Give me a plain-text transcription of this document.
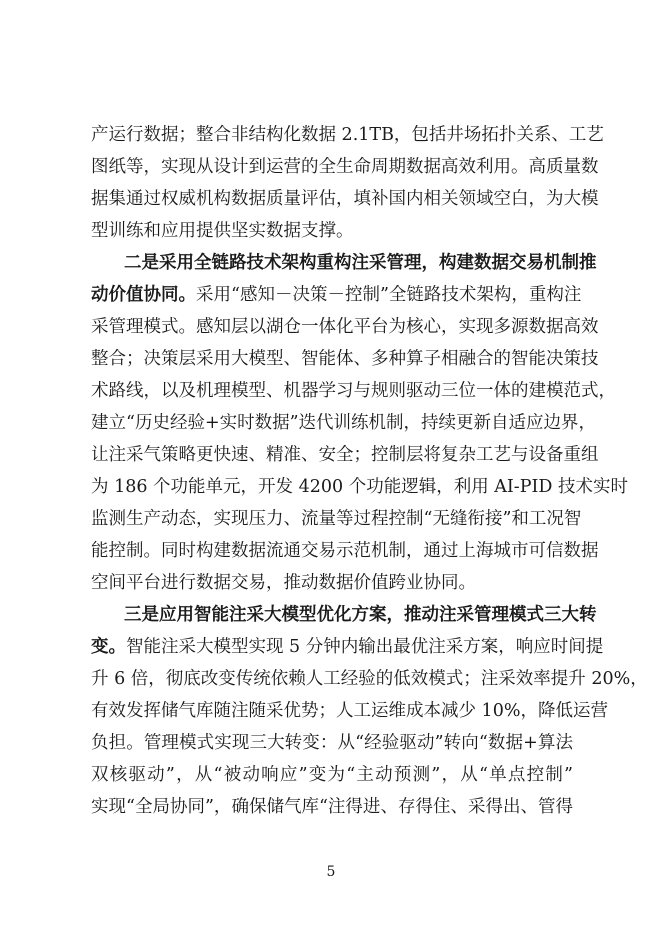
产运行数据；整合非结构化数据 2.1TB，包括井场拓扑关系、工艺
图纸等，实现从设计到运营的全生命周期数据高效利用。高质量数
据集通过权威机构数据质量评估，填补国内相关领域空白，为大模
型训练和应用提供坚实数据支撑。
二是采用全链路技术架构重构注采管理，构建数据交易机制推
动价值协同。采用“感知－决策－控制”全链路技术架构，重构注
采管理模式。感知层以湖仓一体化平台为核心，实现多源数据高效
整合；决策层采用大模型、智能体、多种算子相融合的智能决策技
术路线，以及机理模型、机器学习与规则驱动三位一体的建模范式，
建立“历史经验+实时数据”迭代训练机制，持续更新自适应边界，
让注采气策略更快速、精准、安全；控制层将复杂工艺与设备重组
为 186 个功能单元，开发 4200 个功能逻辑，利用 AI-PID 技术实时
监测生产动态，实现压力、流量等过程控制“无缝衔接”和工况智
能控制。同时构建数据流通交易示范机制，通过上海城市可信数据
空间平台进行数据交易，推动数据价值跨业协同。
三是应用智能注采大模型优化方案，推动注采管理模式三大转
变。智能注采大模型实现 5 分钟内输出最优注采方案，响应时间提
升 6 倍，彻底改变传统依赖人工经验的低效模式；注采效率提升 20%，
有效发挥储气库随注随采优势；人工运维成本减少 10%，降低运营
负担。管理模式实现三大转变：从“经验驱动”转向“数据+算法
双核驱动”，从“被动响应”变为“主动预测”，从“单点控制”
实现“全局协同”，确保储气库“注得进、存得住、采得出、管得
5
